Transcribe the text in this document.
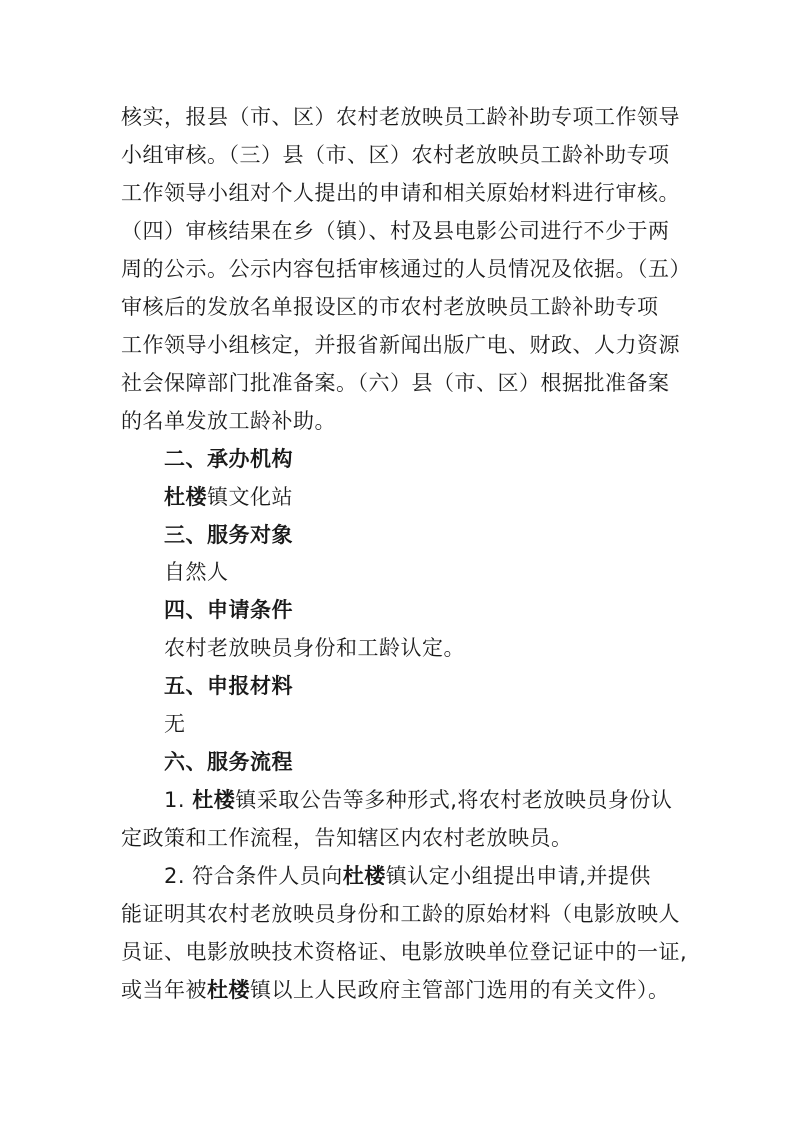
核实，报县（市、区）农村老放映员工龄补助专项工作领导
小组审核。（三）县（市、区）农村老放映员工龄补助专项
工作领导小组对个人提出的申请和相关原始材料进行审核。
（四）审核结果在乡（镇）、村及县电影公司进行不少于两
周的公示。公示内容包括审核通过的人员情况及依据。（五）
审核后的发放名单报设区的市农村老放映员工龄补助专项
工作领导小组核定，并报省新闻出版广电、财政、人力资源
社会保障部门批准备案。（六）县（市、区）根据批准备案
的名单发放工龄补助。
二、承办机构
杜楼镇文化站
三、服务对象
自然人
四、申请条件
农村老放映员身份和工龄认定。
五、申报材料
无
六、服务流程
1. 杜楼镇采取公告等多种形式,将农村老放映员身份认
定政策和工作流程，告知辖区内农村老放映员。
2. 符合条件人员向杜楼镇认定小组提出申请,并提供
能证明其农村老放映员身份和工龄的原始材料（电影放映人
员证、电影放映技术资格证、电影放映单位登记证中的一证,
或当年被杜楼镇以上人民政府主管部门选用的有关文件）。
